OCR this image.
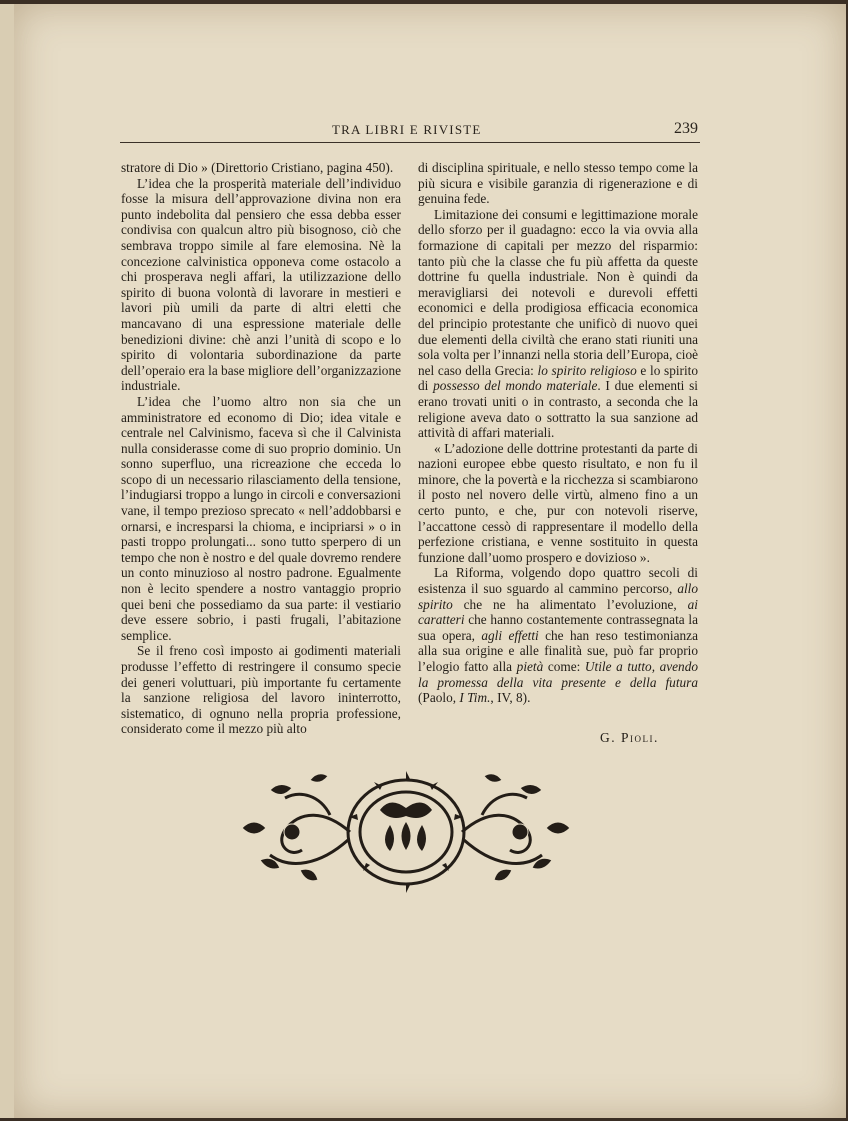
TRA LIBRI E RIVISTE	239

stratore di Dio » (Direttorio Cristiano, pagina 450).

L’idea che la prosperità materiale dell’individuo fosse la misura dell’approvazione divina non era punto indebolita dal pensiero che essa debba esser condivisa con qualcun altro più bisognoso, ciò che sembrava troppo simile al fare elemosina. Nè la concezione calvinistica opponeva come ostacolo a chi prosperava negli affari, la utilizzazione dello spirito di buona volontà di lavorare in mestieri e lavori più umili da parte di altri eletti che mancavano di una espressione materiale delle benedizioni divine: chè anzi l’unità di scopo e lo spirito di volontaria subordinazione da parte dell’operaio era la base migliore dell’organizzazione industriale.

L’idea che l’uomo altro non sia che un amministratore ed economo di Dio; idea vitale e centrale nel Calvinismo, faceva sì che il Calvinista nulla considerasse come di suo proprio dominio. Un sonno superfluo, una ricreazione che ecceda lo scopo di un necessario rilasciamento della tensione, l’indugiarsi troppo a lungo in circoli e conversazioni vane, il tempo prezioso sprecato « nell’addobbarsi e ornarsi, e incresparsi la chioma, e incipriarsi » o in pasti troppo prolungati... sono tutto sperpero di un tempo che non è nostro e del quale dovremo rendere un conto minuzioso al nostro padrone. Egualmente non è lecito spendere a nostro vantaggio proprio quei beni che possediamo da sua parte: il vestiario deve essere sobrio, i pasti frugali, l’abitazione semplice.

Se il freno così imposto ai godimenti materiali produsse l’effetto di restringere il consumo specie dei generi voluttuari, più importante fu certamente la sanzione religiosa del lavoro ininterrotto, sistematico, di ognuno nella propria professione, considerato come il mezzo più alto

di disciplina spirituale, e nello stesso tempo come la più sicura e visibile garanzia di rigenerazione e di genuina fede.

Limitazione dei consumi e legittimazione morale dello sforzo per il guadagno: ecco la via ovvia alla formazione di capitali per mezzo del risparmio: tanto più che la classe che fu più affetta da queste dottrine fu quella industriale. Non è quindi da meravigliarsi dei notevoli e durevoli effetti economici e della prodigiosa efficacia economica del principio protestante che unificò di nuovo quei due elementi della civiltà che erano stati riuniti una sola volta per l’innanzi nella storia dell’Europa, cioè nel caso della Grecia: lo spirito religioso e lo spirito di possesso del mondo materiale. I due elementi si erano trovati uniti o in contrasto, a seconda che la religione aveva dato o sottratto la sua sanzione ad attività di affari materiali.

« L’adozione delle dottrine protestanti da parte di nazioni europee ebbe questo risultato, e non fu il minore, che la povertà e la ricchezza si scambiarono il posto nel novero delle virtù, almeno fino a un certo punto, e che, pur con notevoli riserve, l’accattone cessò di rappresentare il modello della perfezione cristiana, e venne sostituito in questa funzione dall’uomo prospero e dovizioso ».

La Riforma, volgendo dopo quattro secoli di esistenza il suo sguardo al cammino percorso, allo spirito che ne ha alimentato l’evoluzione, ai caratteri che hanno costantemente contrassegnata la sua opera, agli effetti che han reso testimonianza alla sua origine e alle finalità sue, può far proprio l’elogio fatto alla pietà come: Utile a tutto, avendo la promessa della vita presente e della futura (Paolo, I Tim., IV, 8).

G. Pioli.
